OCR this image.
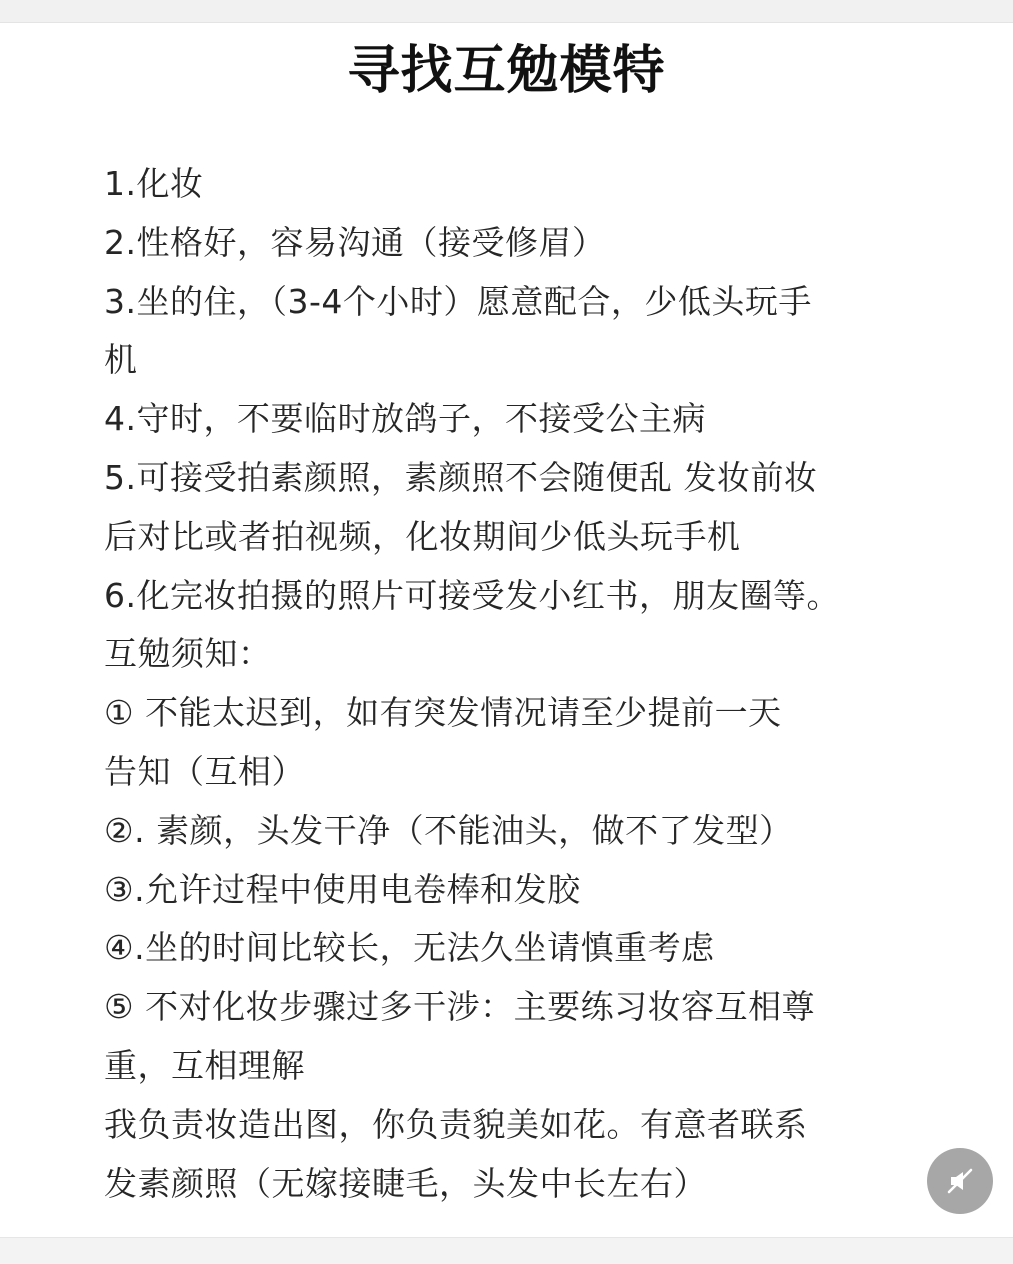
寻找互勉模特
1.化妆
2.性格好，容易沟通（接受修眉）
3.坐的住，（3-4个小时）愿意配合，少低头玩手
机
4.守时，不要临时放鸽子，不接受公主病
5.可接受拍素颜照，素颜照不会随便乱 发妆前妆
后对比或者拍视频，化妆期间少低头玩手机
6.化完妆拍摄的照片可接受发小红书，朋友圈等。
互勉须知：
① 不能太迟到，如有突发情况请至少提前一天
告知（互相）
②. 素颜，头发干净（不能油头，做不了发型）
③.允许过程中使用电卷棒和发胶
④.坐的时间比较长，无法久坐请慎重考虑
⑤ 不对化妆步骤过多干涉：主要练习妆容互相尊
重，互相理解
我负责妆造出图，你负责貌美如花。有意者联系
发素颜照（无嫁接睫毛，头发中长左右）
